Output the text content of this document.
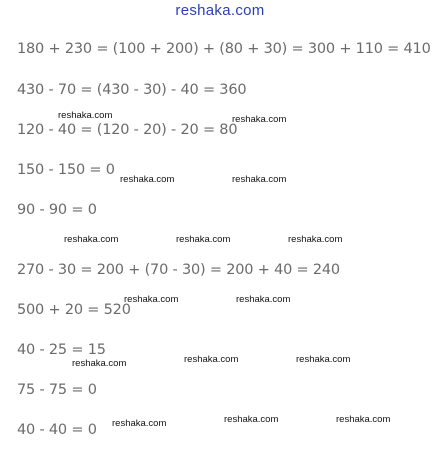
reshaka.com
180 + 230 = (100 + 200) + (80 + 30) = 300 + 110 = 410
430 - 70 = (430 - 30) - 40 = 360
120 - 40 = (120 - 20) - 20 = 80
150 - 150 = 0
90 - 90 = 0
270 - 30 = 200 + (70 - 30) = 200 + 40 = 240
500 + 20 = 520
40 - 25 = 15
75 - 75 = 0
40 - 40 = 0
reshaka.com	reshaka.com
reshaka.com	reshaka.com
reshaka.com	reshaka.com	reshaka.com
reshaka.com	reshaka.com
reshaka.com	reshaka.com	reshaka.com
reshaka.com	reshaka.com	reshaka.com
